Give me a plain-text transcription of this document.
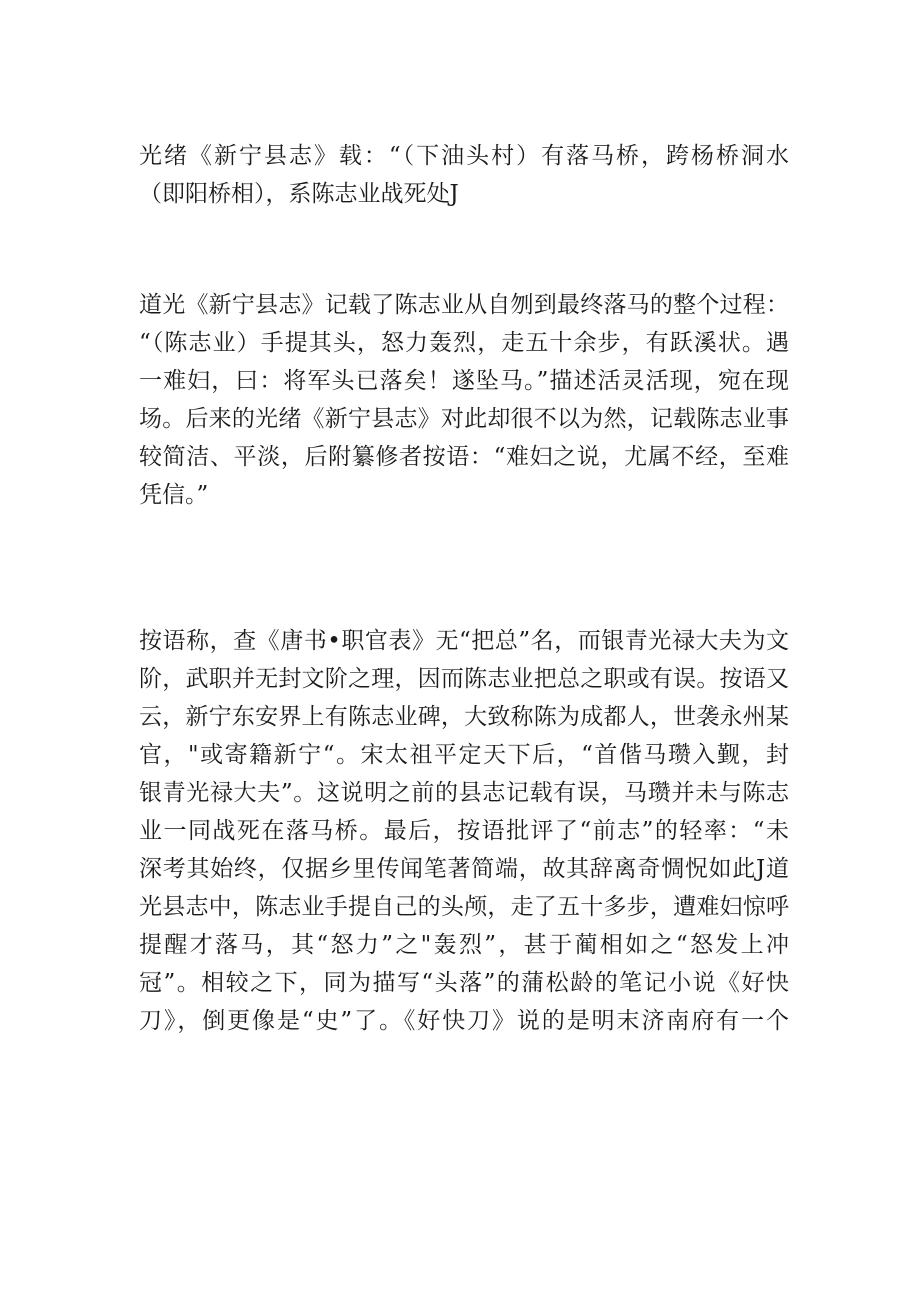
光绪《新宁县志》载：“（下油头村）有落马桥，跨杨桥洞水
（即阳桥相），系陈志业战死处J
道光《新宁县志》记载了陈志业从自刎到最终落马的整个过程：
“（陈志业）手提其头，怒力轰烈，走五十余步，有跃溪状。遇
一难妇，曰：将军头已落矣！遂坠马。”描述活灵活现，宛在现
场。后来的光绪《新宁县志》对此却很不以为然，记载陈志业事
较简洁、平淡，后附纂修者按语：“难妇之说，尤属不经，至难
凭信。”
按语称，查《唐书•职官表》无“把总”名，而银青光禄大夫为文
阶，武职并无封文阶之理，因而陈志业把总之职或有误。按语又
云，新宁东安界上有陈志业碑，大致称陈为成都人，世袭永州某
官，"或寄籍新宁“。宋太祖平定天下后，“首偕马瓒入觐，封
银青光禄大夫”。这说明之前的县志记载有误，马瓒并未与陈志
业一同战死在落马桥。最后，按语批评了“前志”的轻率：“未
深考其始终，仅据乡里传闻笔著简端，故其辞离奇惆怳如此J道
光县志中，陈志业手提自己的头颅，走了五十多步，遭难妇惊呼
提醒才落马，其“怒力”之"轰烈”，甚于蔺相如之“怒发上冲
冠”。相较之下，同为描写“头落”的蒲松龄的笔记小说《好快
刀》，倒更像是“史”了。《好快刀》说的是明末济南府有一个
